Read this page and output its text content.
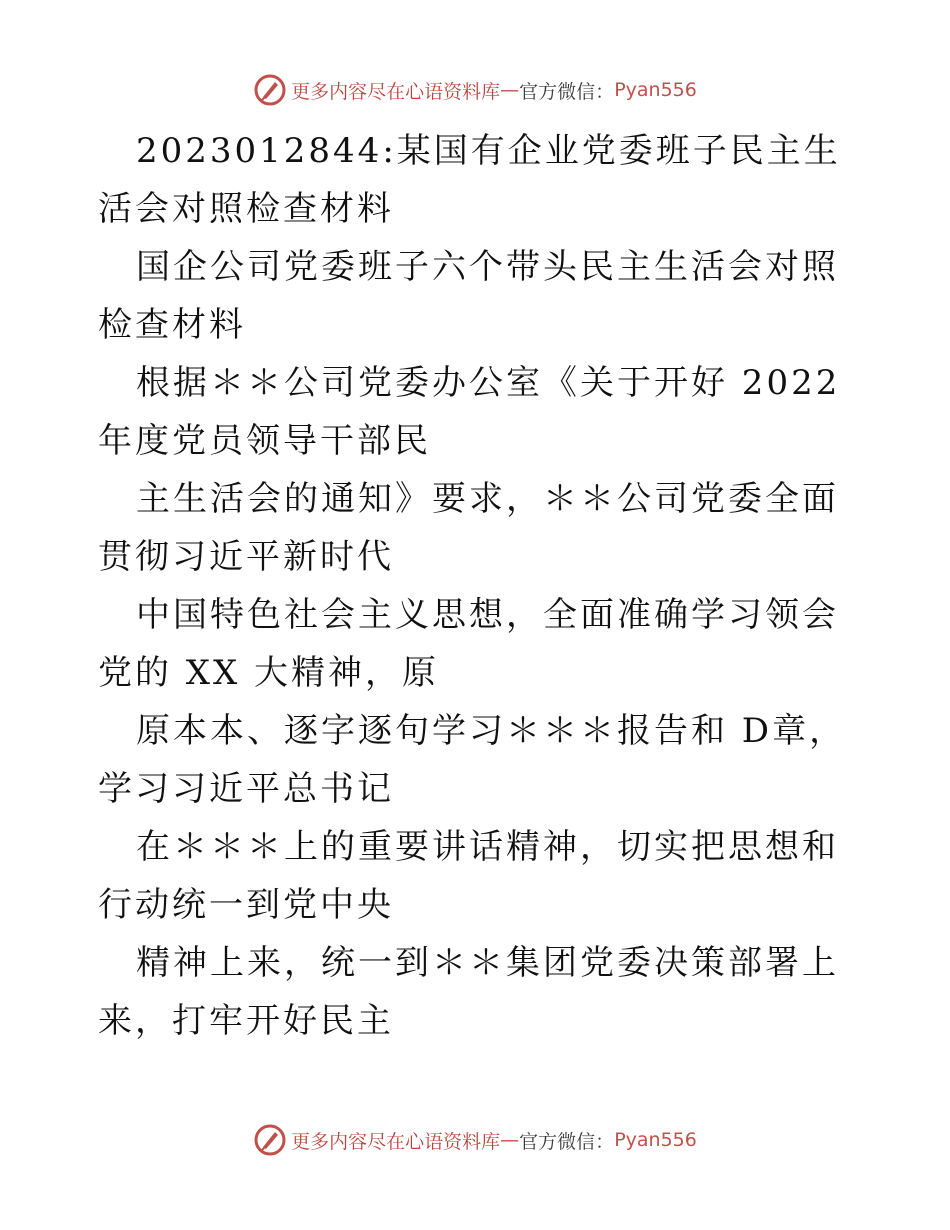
更多内容尽在心语资料库 — 官方微信： Pyan556

2023012844:某国有企业党委班子民主生活会对照检查材料

国企公司党委班子六个带头民主生活会对照检查材料

根据＊＊公司党委办公室《关于开好 2022 年度党员领导干部民

主生活会的通知》要求，＊＊公司党委全面贯彻习近平新时代

中国特色社会主义思想，全面准确学习领会党的 XX 大精神，原

原本本、逐字逐句学习＊＊＊报告和 D章，学习习近平总书记

在＊＊＊上的重要讲话精神，切实把思想和行动统一到党中央

精神上来，统一到＊＊集团党委决策部署上来，打牢开好民主

更多内容尽在心语资料库 — 官方微信： Pyan556
